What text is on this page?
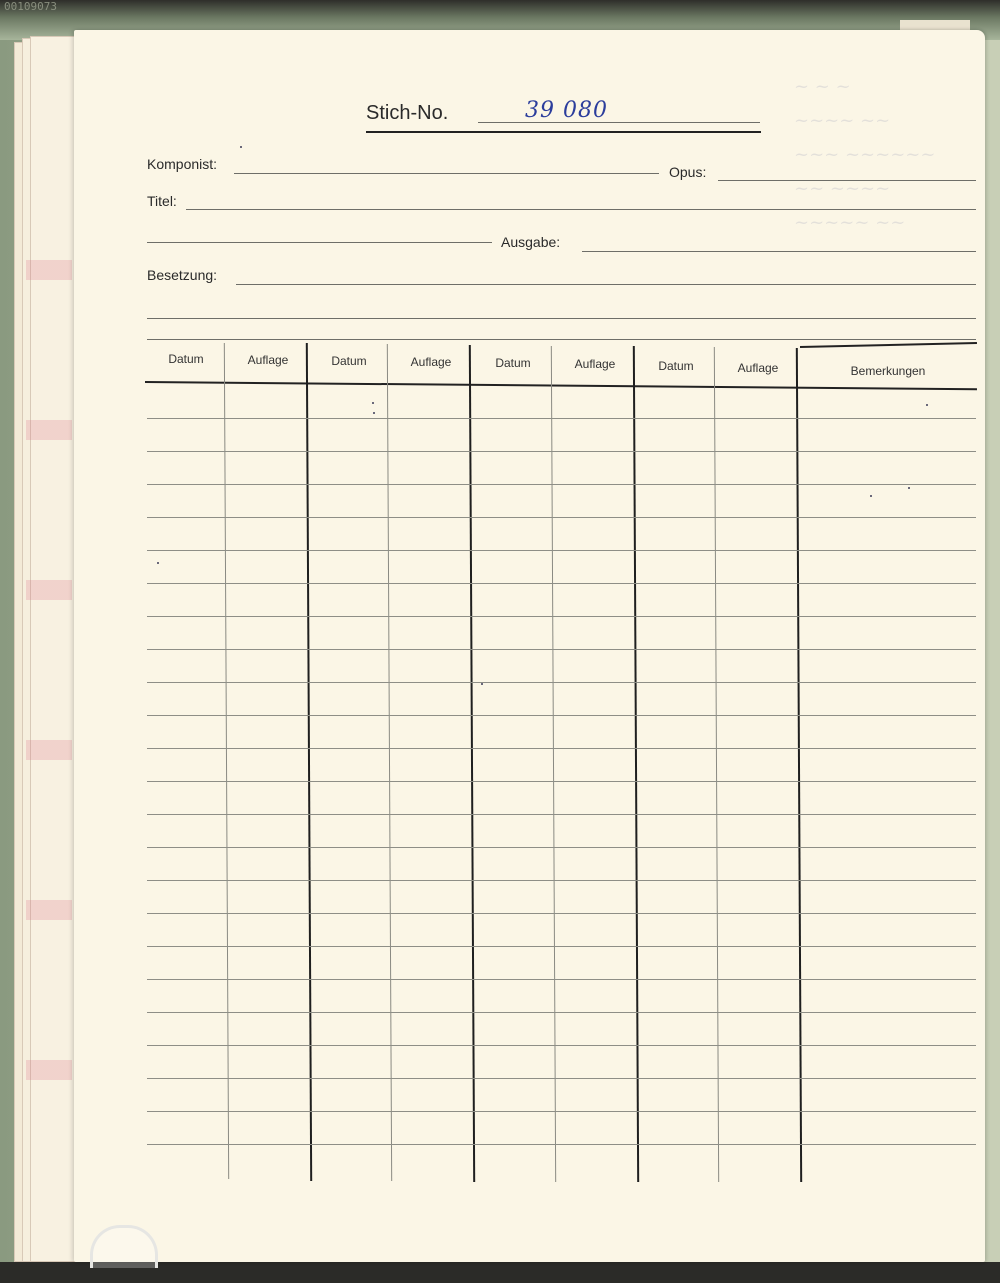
00109073
~ ~ ~
~~~~ ~~
~~~ ~~~~~~
~~ ~~~~
~~~~~ ~~
Stich-No.	39 080
Komponist:	Opus:
Titel:
Ausgabe:
Besetzung:
Datum	Auflage	Datum	Auflage	Datum	Auflage	Datum	Auflage	Bemerkungen
